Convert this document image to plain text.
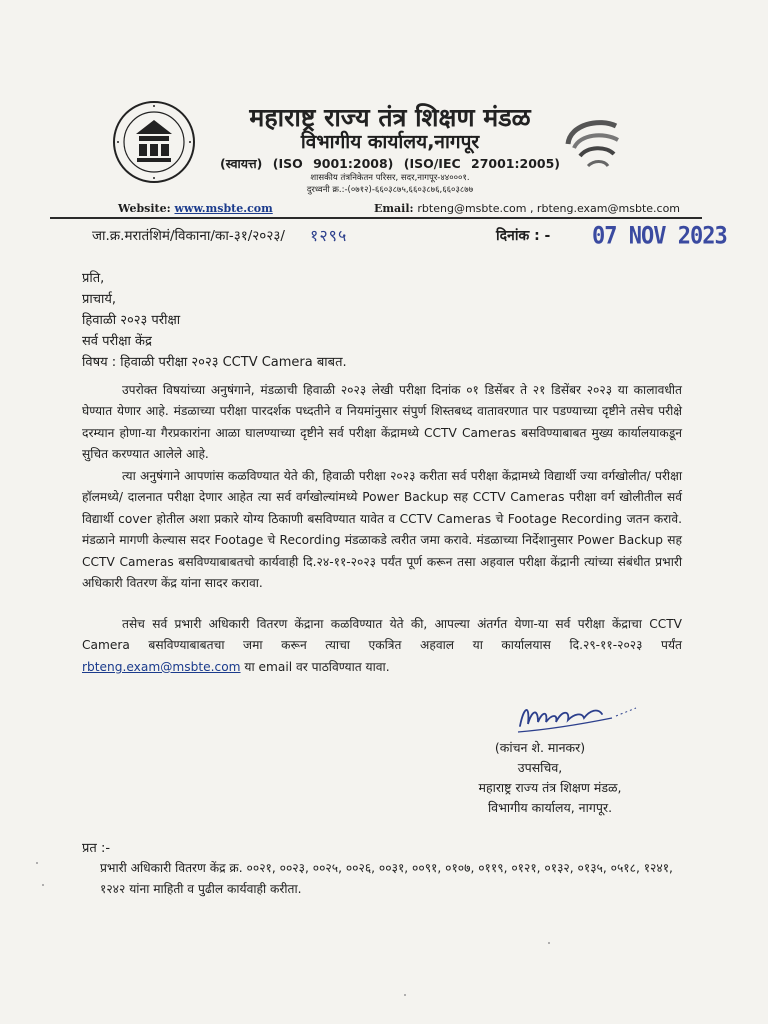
महाराष्ट्र राज्य तंत्र शिक्षण मंडळ
विभागीय कार्यालय,नागपूर
(स्वायत्त) (ISO 9001:2008) (ISO/IEC 27001:2005)
शासकीय तंत्रनिकेतन परिसर, सदर,नागपूर-४४०००१.
दुरध्वनी क्र.:-(०७१२)-६६०३८७५,६६०३८७६,६६०३८७७
Website: www.msbte.com	Email: rbteng@msbte.com , rbteng.exam@msbte.com
जा.क्र.मरातंशिमं/विकाना/का-३१/२०२३/ १२९५	दिनांक : - 07 NOV 2023
प्रति,
प्राचार्य,
हिवाळी २०२३ परीक्षा
सर्व परीक्षा केंद्र
विषय : हिवाळी परीक्षा २०२३ CCTV Camera बाबत.
उपरोक्त विषयांच्या अनुषंगाने, मंडळाची हिवाळी २०२३ लेखी परीक्षा दिनांक ०१ डिसेंबर ते २१ डिसेंबर २०२३ या कालावधीत घेण्यात येणार आहे. मंडळाच्या परीक्षा पारदर्शक पध्दतीने व नियमांनुसार संपुर्ण शिस्तबध्द वातावरणात पार पडण्याच्या दृष्टीने तसेच परीक्षे दरम्यान होणा-या गैरप्रकारांना आळा घालण्याच्या दृष्टीने सर्व परीक्षा केंद्रामध्ये CCTV Cameras बसविण्याबाबत मुख्य कार्यालयाकडून सुचित करण्यात आलेले आहे.
त्या अनुषंगाने आपणांस कळविण्यात येते की, हिवाळी परीक्षा २०२३ करीता सर्व परीक्षा केंद्रामध्ये विद्यार्थी ज्या वर्गखोलीत/ परीक्षा हॉलमध्ये/ दालनात परीक्षा देणार आहेत त्या सर्व वर्गखोल्यांमध्ये Power Backup सह CCTV Cameras परीक्षा वर्ग खोलीतील सर्व विद्यार्थी cover होतील अशा प्रकारे योग्य ठिकाणी बसविण्यात यावेत व CCTV Cameras चे Footage Recording जतन करावे. मंडळाने मागणी केल्यास सदर Footage चे Recording मंडळाकडे त्वरीत जमा करावे. मंडळाच्या निर्देशानुसार Power Backup सह CCTV Cameras बसविण्याबाबतचो कार्यवाही दि.२४-११-२०२३ पर्यंत पूर्ण करून तसा अहवाल परीक्षा केंद्रानी त्यांच्या संबंधीत प्रभारी अधिकारी वितरण केंद्र यांना सादर करावा.
तसेच सर्व प्रभारी अधिकारी वितरण केंद्राना कळविण्यात येते की, आपल्या अंतर्गत येणा-या सर्व परीक्षा केंद्राचा CCTV Camera बसविण्याबाबतचा जमा करून त्याचा एकत्रित अहवाल या कार्यालयास दि.२९-११-२०२३ पर्यंत rbteng.exam@msbte.com या email वर पाठविण्यात यावा.
(कांचन शे. मानकर)
उपसचिव,
महाराष्ट्र राज्य तंत्र शिक्षण मंडळ,
विभागीय कार्यालय, नागपूर.
प्रत :-
प्रभारी अधिकारी वितरण केंद्र क्र. ००२१, ००२३, ००२५, ००२६, ००३१, ००९१, ०१०७, ०११९, ०१२१, ०१३२, ०१३५, ०५१८, १२४१, १२४२ यांना माहिती व पुढील कार्यवाही करीता.
